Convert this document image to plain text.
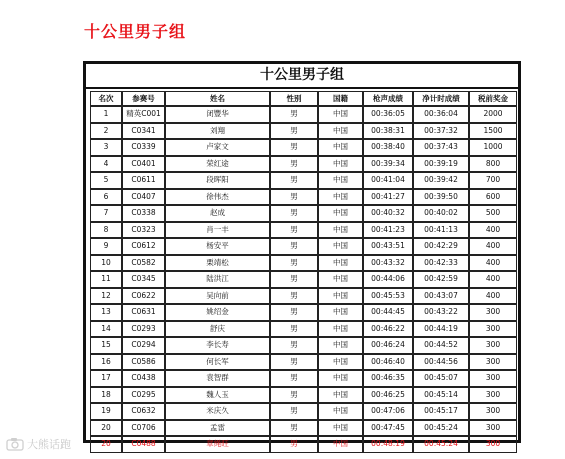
十公里男子组
十公里男子组
名次	参赛号	姓名	性别	国籍	枪声成绩	净计时成绩	税前奖金
1	精英C001	闭豐华	男	中国	00:36:05	00:36:04	2000
2	C0341	刘翔	男	中国	00:38:31	00:37:32	1500
3	C0339	卢家文	男	中国	00:38:40	00:37:43	1000
4	C0401	荣红途	男	中国	00:39:34	00:39:19	800
5	C0611	段晖阳	男	中国	00:41:04	00:39:42	700
6	C0407	徐伟杰	男	中国	00:41:27	00:39:50	600
7	C0338	赵成	男	中国	00:40:32	00:40:02	500
8	C0323	肖一丰	男	中国	00:41:23	00:41:13	400
9	C0612	杨安平	男	中国	00:43:51	00:42:29	400
10	C0582	栗靖松	男	中国	00:43:32	00:42:33	400
11	C0345	陆洪江	男	中国	00:44:06	00:42:59	400
12	C0622	吴向前	男	中国	00:45:53	00:43:07	400
13	C0631	姚绍金	男	中国	00:44:45	00:43:22	300
14	C0293	舒庆	男	中国	00:46:22	00:44:19	300
15	C0294	李长寿	男	中国	00:46:24	00:44:52	300
16	C0586	何长军	男	中国	00:46:40	00:44:56	300
17	C0438	袁智群	男	中国	00:46:35	00:45:07	300
18	C0295	魏人玉	男	中国	00:46:25	00:45:14	300
19	C0632	米庆久	男	中国	00:47:06	00:45:17	300
20	C0706	孟雷	男	中国	00:47:45	00:45:24	300
20	C0488	章绳旺	男	中国	00:48:19	00:45:24	300
大熊话跑
